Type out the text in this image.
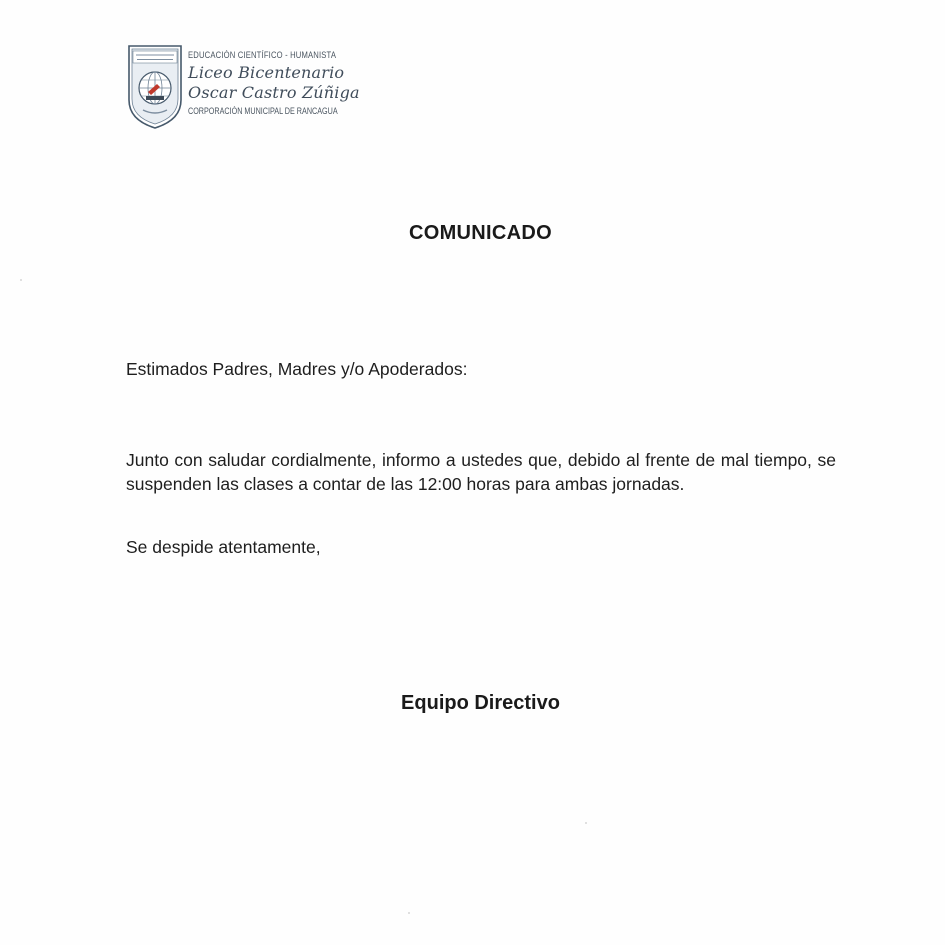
EDUCACIÓN CIENTÍFICO - HUMANISTA
Liceo Bicentenario
Oscar Castro Zúñiga
CORPORACIÓN MUNICIPAL DE RANCAGUA
COMUNICADO
Estimados Padres, Madres y/o Apoderados:
Junto con saludar cordialmente, informo a ustedes que, debido al frente de mal tiempo, se suspenden las clases a contar de las 12:00 horas para ambas jornadas.
Se despide atentamente,
Equipo Directivo
